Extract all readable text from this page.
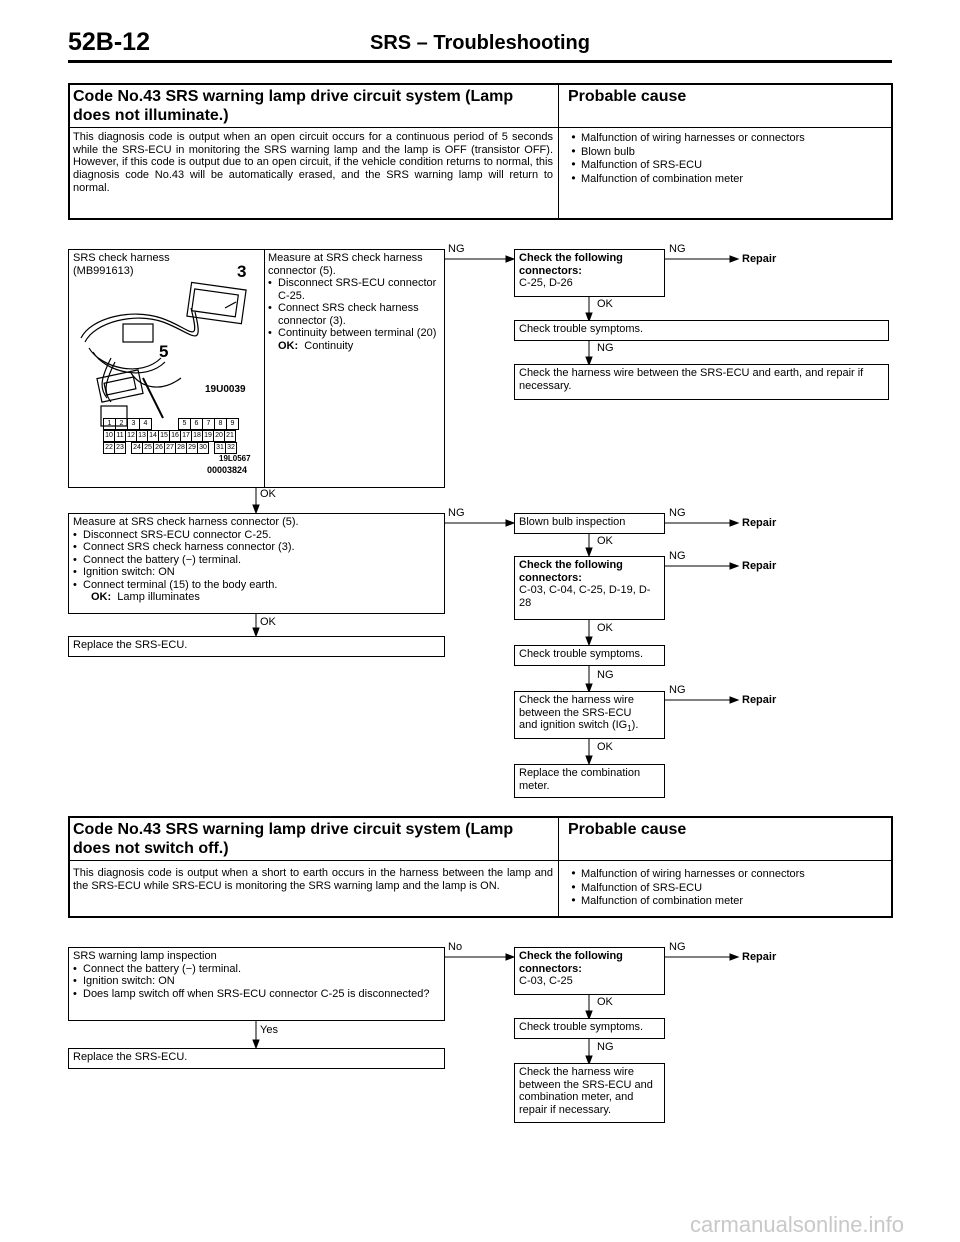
52B-12	SRS – Troubleshooting
Code No.43 SRS warning lamp drive circuit system (Lamp does not illuminate.)
Probable cause
This diagnosis code is output when an open circuit occurs for a continuous period of 5 seconds while the SRS-ECU in monitoring the SRS warning lamp and the lamp is OFF (transistor OFF). However, if this code is output due to an open circuit, if the vehicle condition returns to normal, this diagnosis code No.43 will be automatically erased, and the SRS warning lamp will return to normal.
• Malfunction of wiring harnesses or connectors
• Blown bulb
• Malfunction of SRS-ECU
• Malfunction of combination meter
SRS check harness
(MB991613)	3
5
19U0039
1	2	3	4		5	6	7	8	9
10	11	12	13	14	15	16	17	18	19	20	21
22	23		24	25	26	27	28	29	30		31	32
19L0567
00003824
Measure at SRS check harness
connector (5).
• Disconnect SRS-ECU connector C-25.
• Connect SRS check harness connector (3).
• Continuity between terminal (20)
OK: Continuity
NG	NG
Repair
OK
NG
Check the following connectors:
C-25, D-26
Check trouble symptoms.
Check the harness wire between the SRS-ECU and earth, and repair if necessary.
OK
Measure at SRS check harness connector (5).
• Disconnect SRS-ECU connector C-25.
• Connect SRS check harness connector (3).
• Connect the battery (−) terminal.
• Ignition switch: ON
• Connect terminal (15) to the body earth.
OK: Lamp illuminates
NG	NG
Repair
OK
NG
Repair
OK
NG
NG
Repair
OK
OK
Blown bulb inspection
Check the following connectors:
C-03, C-04, C-25, D-19, D-28
Check trouble symptoms.
Check the harness wire
between the SRS-ECU
and ignition switch $(IG_1)$.
Replace the combination meter.
Replace the SRS-ECU.
Code No.43 SRS warning lamp drive circuit system (Lamp does not switch off.)
Probable cause
This diagnosis code is output when a short to earth occurs in the harness between the lamp and the SRS-ECU while SRS-ECU is monitoring the SRS warning lamp and the lamp is ON.
• Malfunction of wiring harnesses or connectors
• Malfunction of SRS-ECU
• Malfunction of combination meter
SRS warning lamp inspection
• Connect the battery (−) terminal.
• Ignition switch: ON
• Does lamp switch off when SRS-ECU connector C-25 is disconnected?
No	NG
Repair
OK
NG
Yes
Check the following connectors:
C-03, C-25
Check trouble symptoms.
Check the harness wire between the SRS-ECU and combination meter, and repair if necessary.
Replace the SRS-ECU.
carmanualsonline.info
